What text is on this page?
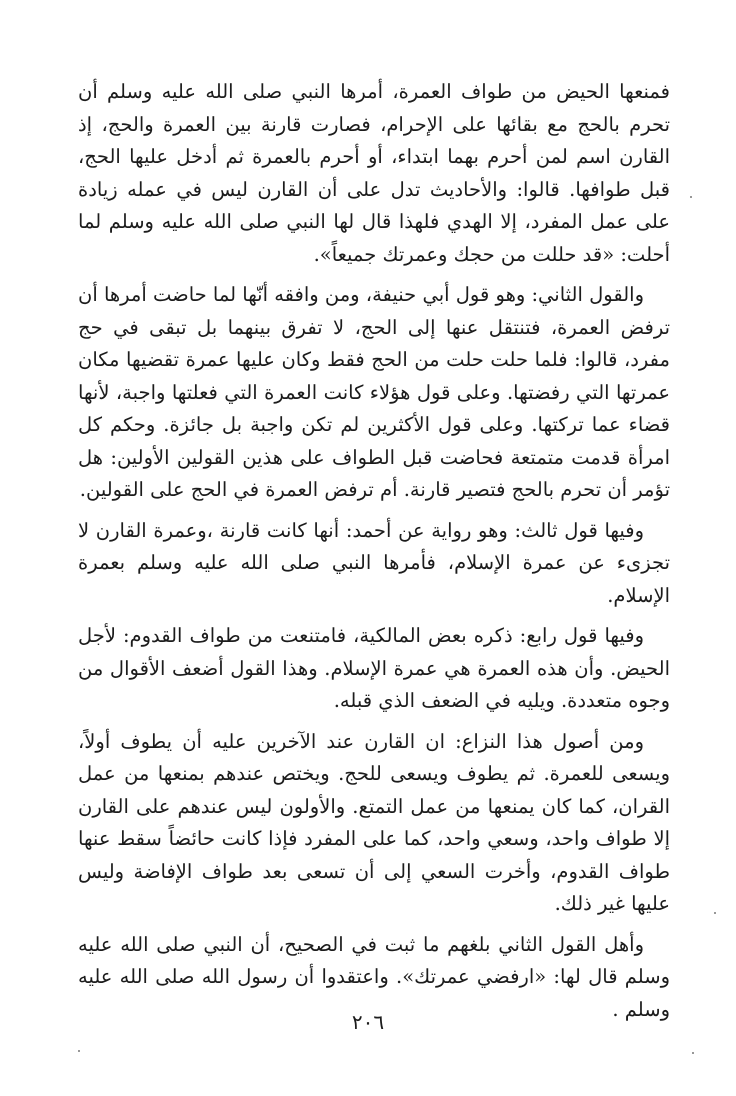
فمنعها الحيض من طواف العمرة، أمرها النبي صلى الله عليه وسلم أن تحرم بالحج مع بقائها على الإحرام، فصارت قارنة بين العمرة والحج، إذ القارن اسم لمن أحرم بهما ابتداء، أو أحرم بالعمرة ثم أدخل عليها الحج، قبل طوافها. قالوا: والأحاديث تدل على أن القارن ليس في عمله زيادة على عمل المفرد، إلا الهدي فلهذا قال لها النبي صلى الله عليه وسلم لما أحلت: «قد حللت من حجك وعمرتك جميعاً».

والقول الثاني: وهو قول أبي حنيفة، ومن وافقه أنّها لما حاضت أمرها أن ترفض العمرة، فتنتقل عنها إلى الحج، لا تفرق بينهما بل تبقى في حج مفرد، قالوا: فلما حلت حلت من الحج فقط وكان عليها عمرة تقضيها مكان عمرتها التي رفضتها. وعلى قول هؤلاء كانت العمرة التي فعلتها واجبة، لأنها قضاء عما تركتها. وعلى قول الأكثرين لم تكن واجبة بل جائزة. وحكم كل امرأة قدمت متمتعة فحاضت قبل الطواف على هذين القولين الأولين: هل تؤمر أن تحرم بالحج فتصير قارنة. أم ترفض العمرة في الحج على القولين.

وفيها قول ثالث: وهو رواية عن أحمد: أنها كانت قارنة ،وعمرة القارن لا تجزىء عن عمرة الإسلام، فأمرها النبي صلى الله عليه وسلم بعمرة الإسلام.

وفيها قول رابع: ذكره بعض المالكية، فامتنعت من طواف القدوم: لأجل الحيض. وأن هذه العمرة هي عمرة الإسلام. وهذا القول أضعف الأقوال من وجوه متعددة. ويليه في الضعف الذي قبله.

ومن أصول هذا النزاع: ان القارن عند الآخرين عليه أن يطوف أولاً، ويسعى للعمرة. ثم يطوف ويسعى للحج. ويختص عندهم بمنعها من عمل القران، كما كان يمنعها من عمل التمتع. والأولون ليس عندهم على القارن إلا طواف واحد، وسعي واحد، كما على المفرد فإذا كانت حائضاً سقط عنها طواف القدوم، وأخرت السعي إلى أن تسعى بعد طواف الإفاضة وليس عليها غير ذلك.

وأهل القول الثاني بلغهم ما ثبت في الصحيح، أن النبي صلى الله عليه وسلم قال لها: «ارفضي عمرتك». واعتقدوا أن رسول الله صلى الله عليه وسلم .

٢٠٦
